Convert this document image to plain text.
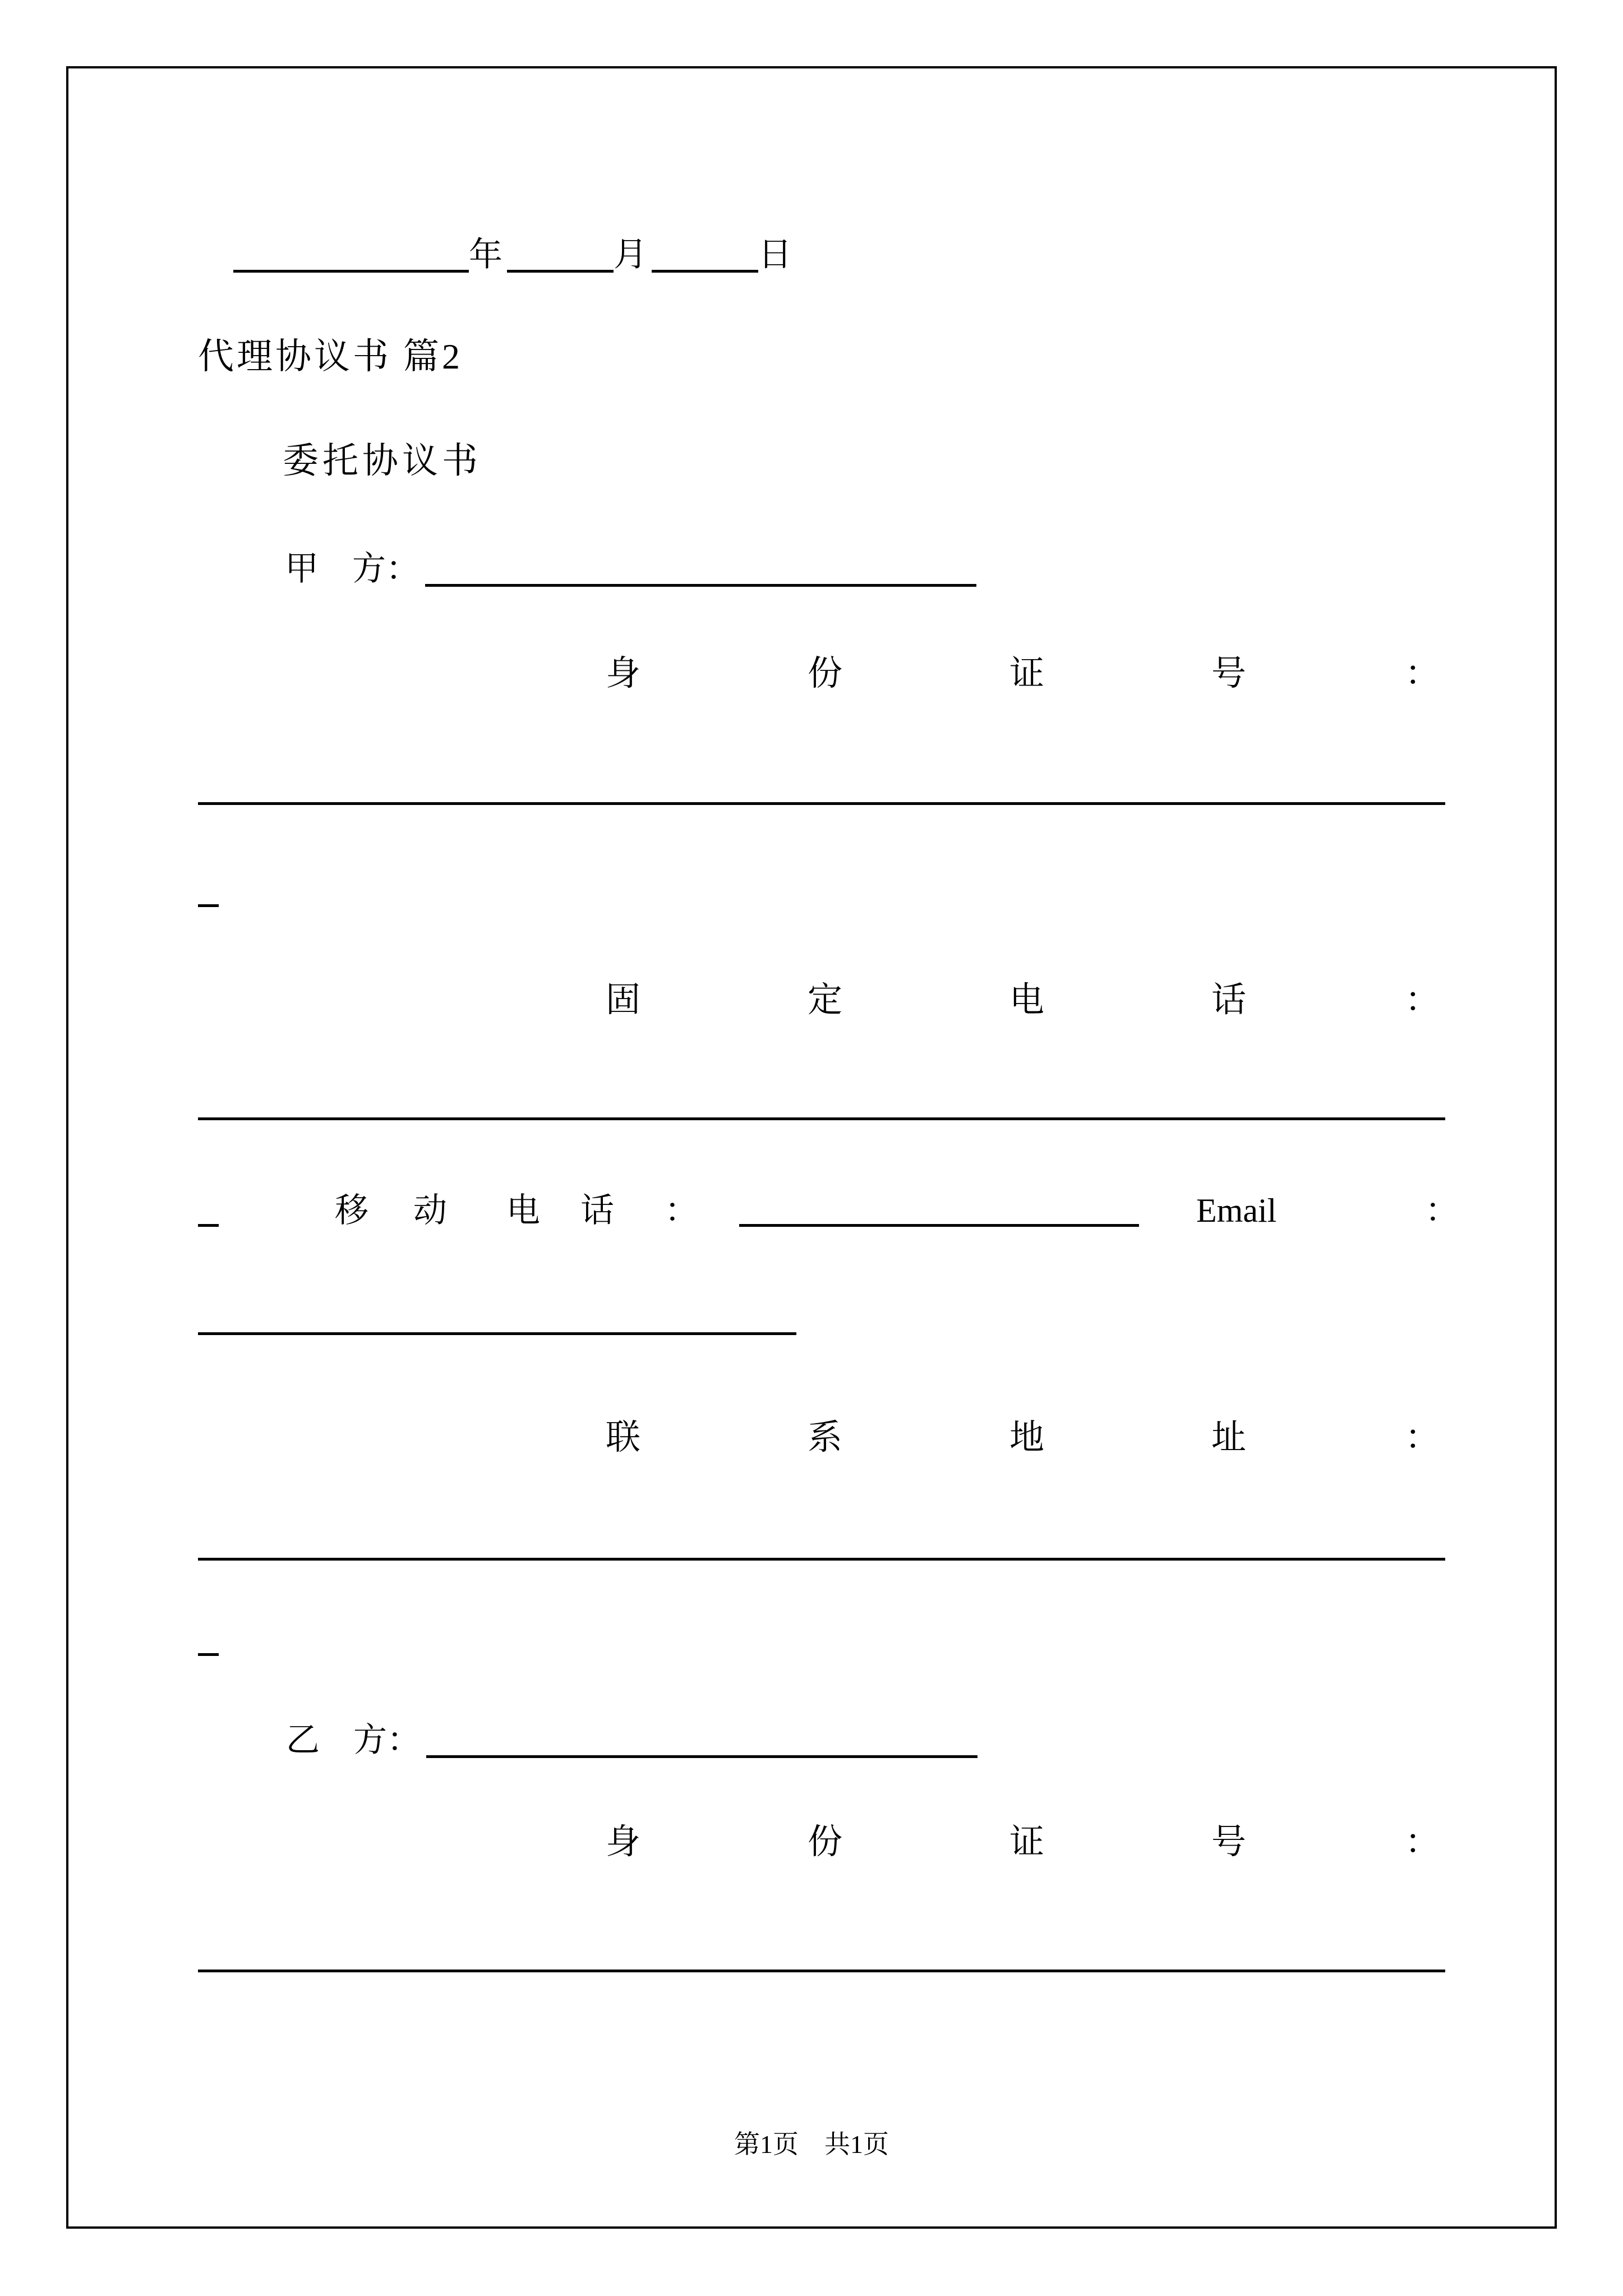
年	月	日
代理协议书 篇2
委托协议书
甲　方：
身	份	证	号	：
固	定	电	话	：
移 动 电 话 ：	Email	：
联	系	地	址	：
乙　方：
身	份	证	号	：
第1页　共1页
